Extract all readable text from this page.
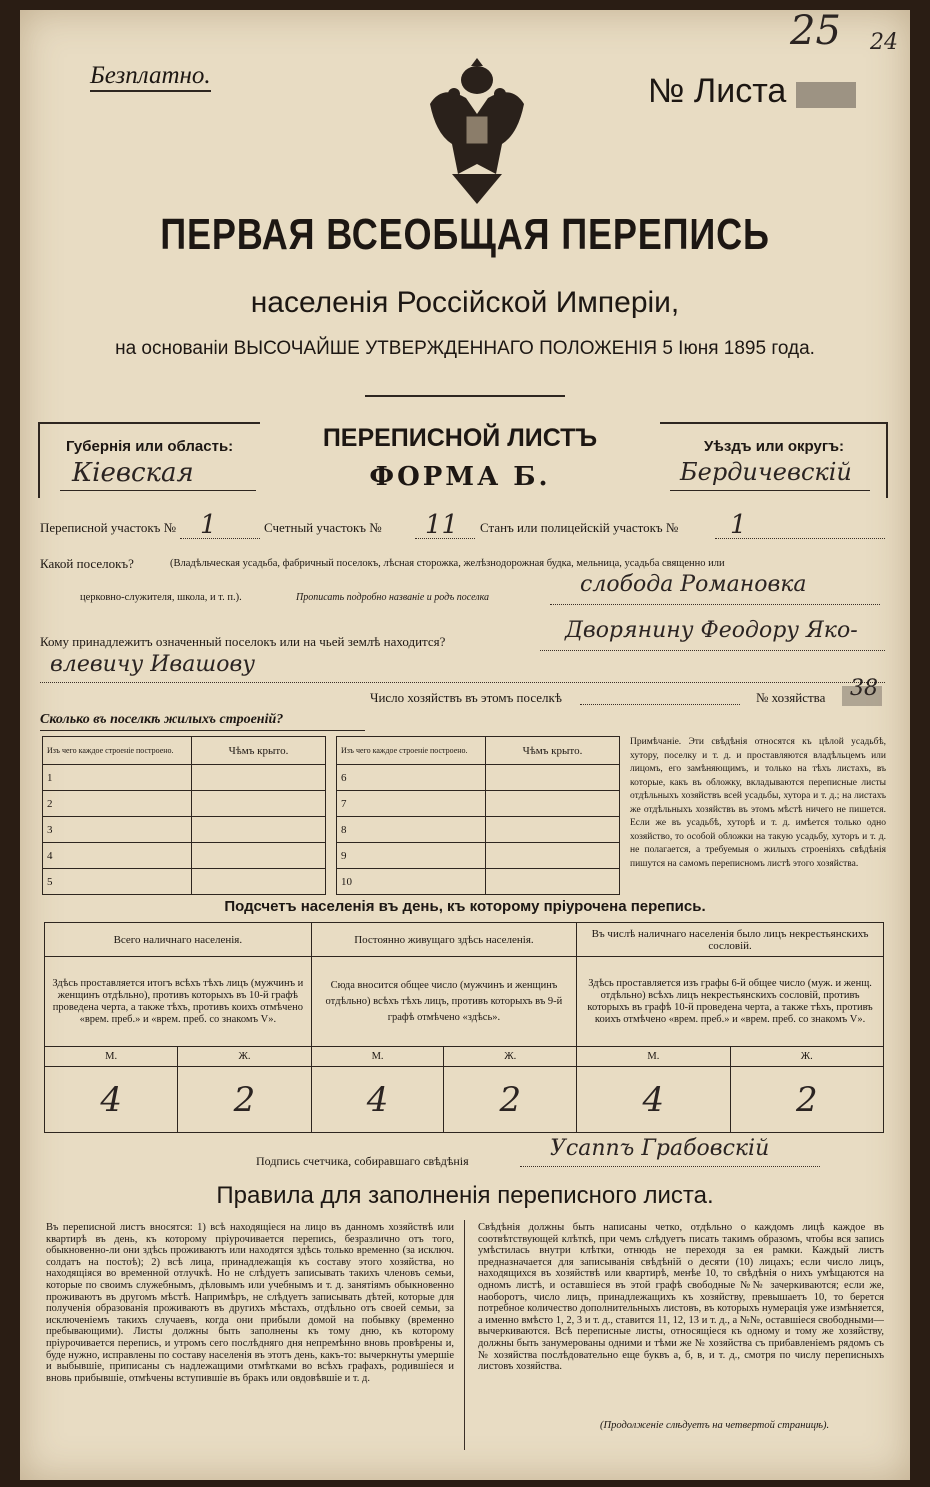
25 24
Безплатно.	№ Листа
ПЕРВАЯ ВСЕОБЩАЯ ПЕРЕПИСЬ
населенія Россійской Имперіи,
на основаніи ВЫСОЧАЙШЕ УТВЕРЖДЕННАГО ПОЛОЖЕНІЯ 5 Іюня 1895 года.
Губернія или область:
Кiевская
ПЕРЕПИСНОЙ ЛИСТЪ
ФОРМА Б.
Уѣздъ или округъ:
Бердичевскiй
Переписной участокъ № 1	Счетный участокъ № 11 Станъ или полицейскій участокъ № 1
Какой поселокъ?	(Владѣльческая усадьба, фабричный поселокъ, лѣсная сторожка, желѣзнодорожная будка, мельница, усадьба священно или
церковно-служителя, школа, и т. п.).	Прописать подробно названіе и родъ поселка
слобода Романовка
Кому принадлежитъ означенный поселокъ или на чьей землѣ находится?	Дворянину Феодору Яко-
влевичу Ивашову
Число хозяйствъ въ этомъ поселкѣ	№ хозяйства 38
Сколько въ поселкѣ жилыхъ строеній?
Изъ чего каждое строеніе построено.	Чѣмъ крыто.
1	
2	
3	
4	
5	
Изъ чего каждое строеніе построено.	Чѣмъ крыто.
6	
7	
8	
9	
10	
Примѣчаніе. Эти свѣдѣнія относятся къ цѣлой усадьбѣ, хутору, поселку и т. д. и проставляются владѣльцемъ или лицомъ, его замѣняющимъ, и только на тѣхъ листахъ, въ которые, какъ въ обложку, вкладываются переписные листы отдѣльныхъ хозяйствъ всей усадьбы, хутора и т. д.; на листахъ же отдѣльныхъ хозяйствъ въ этомъ мѣстѣ ничего не пишется. Если же въ усадьбѣ, хуторѣ и т. д. имѣется только одно хозяйство, то особой обложки на такую усадьбу, хуторъ и т. д. не полагается, а требуемыя о жилыхъ строеніяхъ свѣдѣнія пишутся на самомъ переписномъ листѣ этого хозяйства.
Подсчетъ населенія въ день, къ которому пріурочена перепись.
Всего наличнаго населенія.		Постоянно живущаго здѣсь населенія.		Въ числѣ наличнаго населенія было лицъ некрестьянскихъ сословій.	
Здѣсь проставляется итогъ всѣхъ тѣхъ лицъ (мужчинъ и женщинъ отдѣльно), противъ которыхъ въ 10-й графѣ проведена черта, а также тѣхъ, противъ коихъ отмѣчено «врем. преб.» и «врем. преб. со знакомъ V».		Сюда вносится общее число (мужчинъ и женщинъ отдѣльно) всѣхъ тѣхъ лицъ, противъ которыхъ въ 9-й графѣ отмѣчено «здѣсь».		Здѣсь проставляется изъ графы 6-й общее число (муж. и женщ. отдѣльно) всѣхъ лицъ некрестьянскихъ сословій, противъ которыхъ въ графѣ 10-й проведена черта, а также тѣхъ, противъ коихъ отмѣчено «врем. преб.» и «врем. преб. со знакомъ V».	
М.	Ж.	М.	Ж.	М.	Ж.
4	2	4	2	4	2
Подпись счетчика, собиравшаго свѣдѣнія	Усаппъ Грабовскiй
Правила для заполненія переписного листа.
Въ переписной листъ вносятся: 1) всѣ находящіеся на лицо въ данномъ хозяйствѣ или квартирѣ въ день, къ которому пріурочивается перепись, безразлично отъ того, обыкновенно-ли они здѣсь проживаютъ или находятся здѣсь только временно (за исключ. солдатъ на постоѣ); 2) всѣ лица, принадлежащія къ составу этого хозяйства, но находящіяся во временной отлучкѣ. Но не слѣдуетъ записывать такихъ членовъ семьи, которые по своимъ служебнымъ, дѣловымъ или учебнымъ и т. д. занятіямъ обыкновенно проживаютъ въ другомъ мѣстѣ. Напримѣръ, не слѣдуетъ записывать дѣтей, которые для полученія образованія проживаютъ въ другихъ мѣстахъ, отдѣльно отъ своей семьи, за исключеніемъ такихъ случаевъ, когда они прибыли домой на побывку (временно пребывающими). Листы должны быть заполнены къ тому дню, къ которому пріурочивается перепись, и утромъ сего послѣдняго дня непремѣнно вновь провѣрены и, буде нужно, исправлены по составу населенія въ этотъ день, какъ-то: вычеркнуты умершіе и выбывшіе, приписаны съ надлежащими отмѣтками во всѣхъ графахъ, родившіеся и вновь прибывшіе, отмѣчены вступившіе въ бракъ или овдовѣвшіе и т. д.
Свѣдѣнія должны быть написаны четко, отдѣльно о каждомъ лицѣ каждое въ соотвѣтствующей клѣткѣ, при чемъ слѣдуетъ писать такимъ образомъ, чтобы вся запись умѣстилась внутри клѣтки, отнюдь не переходя за ея рамки. Каждый листъ предназначается для записыванія свѣдѣній о десяти (10) лицахъ; если число лицъ, находящихся въ хозяйствѣ или квартирѣ, менѣе 10, то свѣдѣнія о нихъ умѣщаются на одномъ листѣ, и оставшіеся въ этой графѣ свободные №№ зачеркиваются; если же, наоборотъ, число лицъ, принадлежащихъ къ хозяйству, превышаетъ 10, то берется потребное количество дополнительныхъ листовъ, въ которыхъ нумерація уже измѣняется, а именно вмѣсто 1, 2, 3 и т. д., ставится 11, 12, 13 и т. д., а №№, оставшіеся свободными—вычеркиваются. Всѣ переписные листы, относящіеся къ одному и тому же хозяйству, должны быть занумерованы одними и тѣми же № хозяйства съ прибавленіемъ рядомъ съ № хозяйства послѣдовательно еще буквъ а, б, в, и т. д., смотря по числу переписныхъ листовъ хозяйства.
(Продолженіе слѣдуетъ на четвертой страницѣ).
